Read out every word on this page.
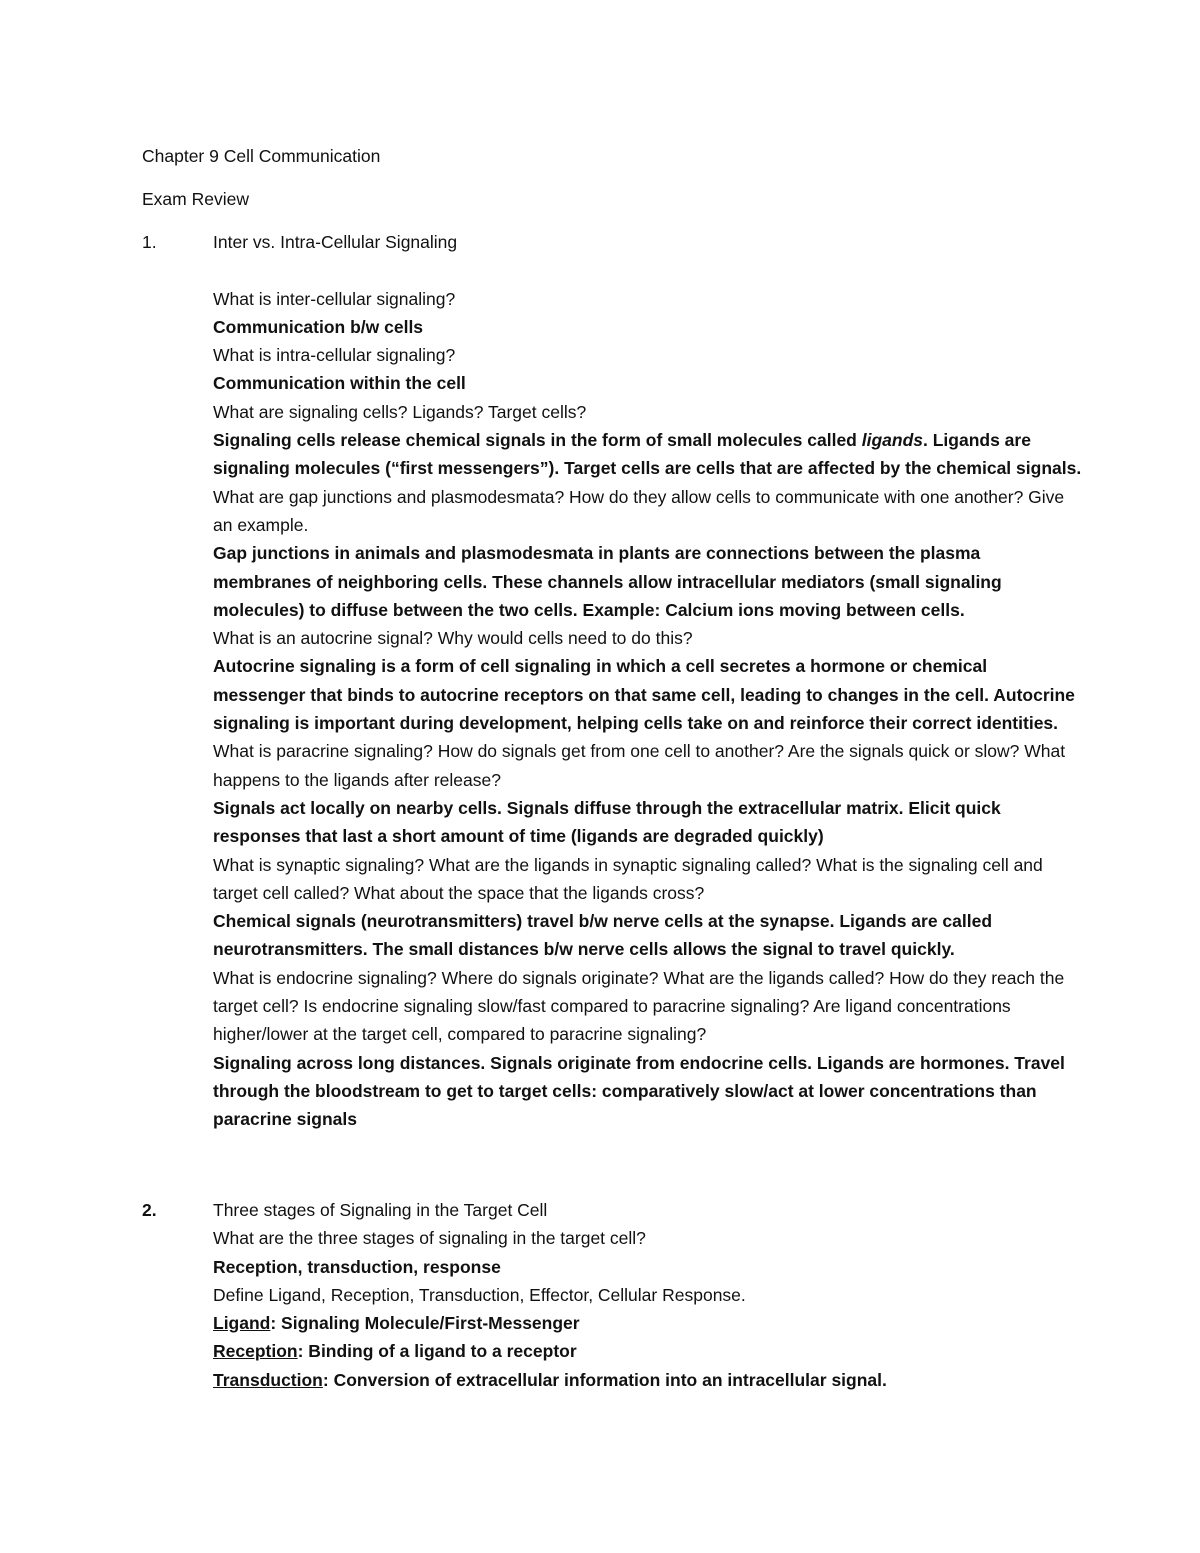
Chapter 9 Cell Communication
Exam Review
1.	Inter vs. Intra-Cellular Signaling

What is inter-cellular signaling?

Communication b/w cells

What is intra-cellular signaling?

Communication within the cell

What are signaling cells? Ligands? Target cells?

Signaling cells release chemical signals in the form of small molecules called ligands. Ligands are signaling molecules (“first messengers”). Target cells are cells that are affected by the chemical signals.

What are gap junctions and plasmodesmata? How do they allow cells to communicate with one another? Give an example.

Gap junctions in animals and plasmodesmata in plants are connections between the plasma membranes of neighboring cells. These channels allow intracellular mediators (small signaling molecules) to diffuse between the two cells. Example: Calcium ions moving between cells.

What is an autocrine signal? Why would cells need to do this?

Autocrine signaling is a form of cell signaling in which a cell secretes a hormone or chemical messenger that binds to autocrine receptors on that same cell, leading to changes in the cell. Autocrine signaling is important during development, helping cells take on and reinforce their correct identities.

What is paracrine signaling? How do signals get from one cell to another? Are the signals quick or slow? What happens to the ligands after release?

Signals act locally on nearby cells. Signals diffuse through the extracellular matrix. Elicit quick responses that last a short amount of time (ligands are degraded quickly)

What is synaptic signaling? What are the ligands in synaptic signaling called? What is the signaling cell and target cell called? What about the space that the ligands cross?

Chemical signals (neurotransmitters) travel b/w nerve cells at the synapse. Ligands are called neurotransmitters. The small distances b/w nerve cells allows the signal to travel quickly.

What is endocrine signaling? Where do signals originate? What are the ligands called? How do they reach the target cell? Is endocrine signaling slow/fast compared to paracrine signaling? Are ligand concentrations higher/lower at the target cell, compared to paracrine signaling?

Signaling across long distances. Signals originate from endocrine cells. Ligands are hormones. Travel through the bloodstream to get to target cells: comparatively slow/act at lower concentrations than paracrine signals

2.	Three stages of Signaling in the Target Cell

What are the three stages of signaling in the target cell?

Reception, transduction, response

Define Ligand, Reception, Transduction, Effector, Cellular Response.

Ligand: Signaling Molecule/First-Messenger

Reception: Binding of a ligand to a receptor

Transduction: Conversion of extracellular information into an intracellular signal.
